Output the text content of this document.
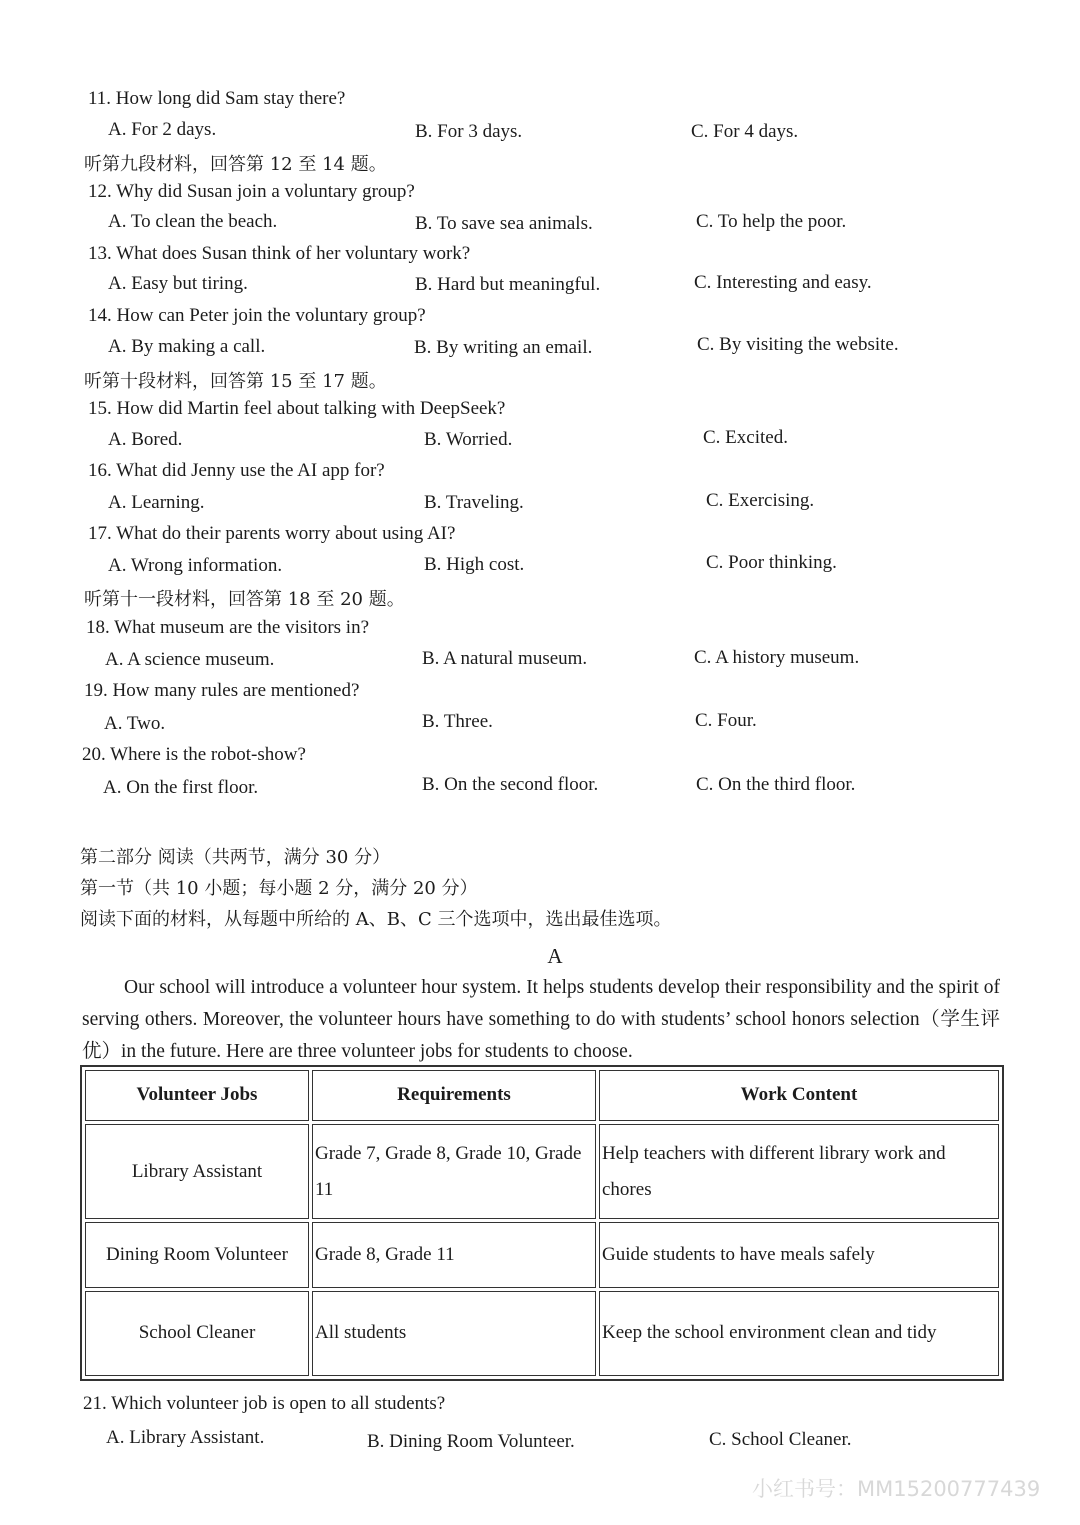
11. How long did Sam stay there?
A. For 2 days.	B. For 3 days.	C. For 4 days.
听第九段材料，回答第 12 至 14 题。
12. Why did Susan join a voluntary group?
A. To clean the beach.	B. To save sea animals.	C. To help the poor.
13. What does Susan think of her voluntary work?
A. Easy but tiring.	B. Hard but meaningful.	C. Interesting and easy.
14. How can Peter join the voluntary group?
A. By making a call.	B. By writing an email.	C. By visiting the website.
听第十段材料，回答第 15 至 17 题。
15. How did Martin feel about talking with DeepSeek?
A. Bored.	B. Worried.	C. Excited.
16. What did Jenny use the AI app for?
A. Learning.	B. Traveling.	C. Exercising.
17. What do their parents worry about using AI?
A. Wrong information.	B. High cost.	C. Poor thinking.
听第十一段材料，回答第 18 至 20 题。
18. What museum are the visitors in?
A. A science museum.	B. A natural museum.	C. A history museum.
19. How many rules are mentioned?
A. Two.	B. Three.	C. Four.
20. Where is the robot-show?
A. On the first floor.	B. On the second floor.	C. On the third floor.
第二部分 阅读（共两节，满分 30 分）
第一节（共 10 小题；每小题 2 分，满分 20 分）
阅读下面的材料，从每题中所给的 A、B、C 三个选项中，选出最佳选项。
A

Our school will introduce a volunteer hour system. It helps students develop their responsibility and the spirit of serving others. Moreover, the volunteer hours have something to do with students’ school honors selection（学生评优）in the future. Here are three volunteer jobs for students to choose.

Volunteer Jobs	Requirements	Work Content
Library Assistant	Grade 7, Grade 8, Grade 10, Grade 11	Help teachers with different library work and chores
Dining Room Volunteer	Grade 8, Grade 11	Guide students to have meals safely
School Cleaner	All students	Keep the school environment clean and tidy
21. Which volunteer job is open to all students?
A. Library Assistant.	B. Dining Room Volunteer.	C. School Cleaner.
小红书号：MM15200777439
